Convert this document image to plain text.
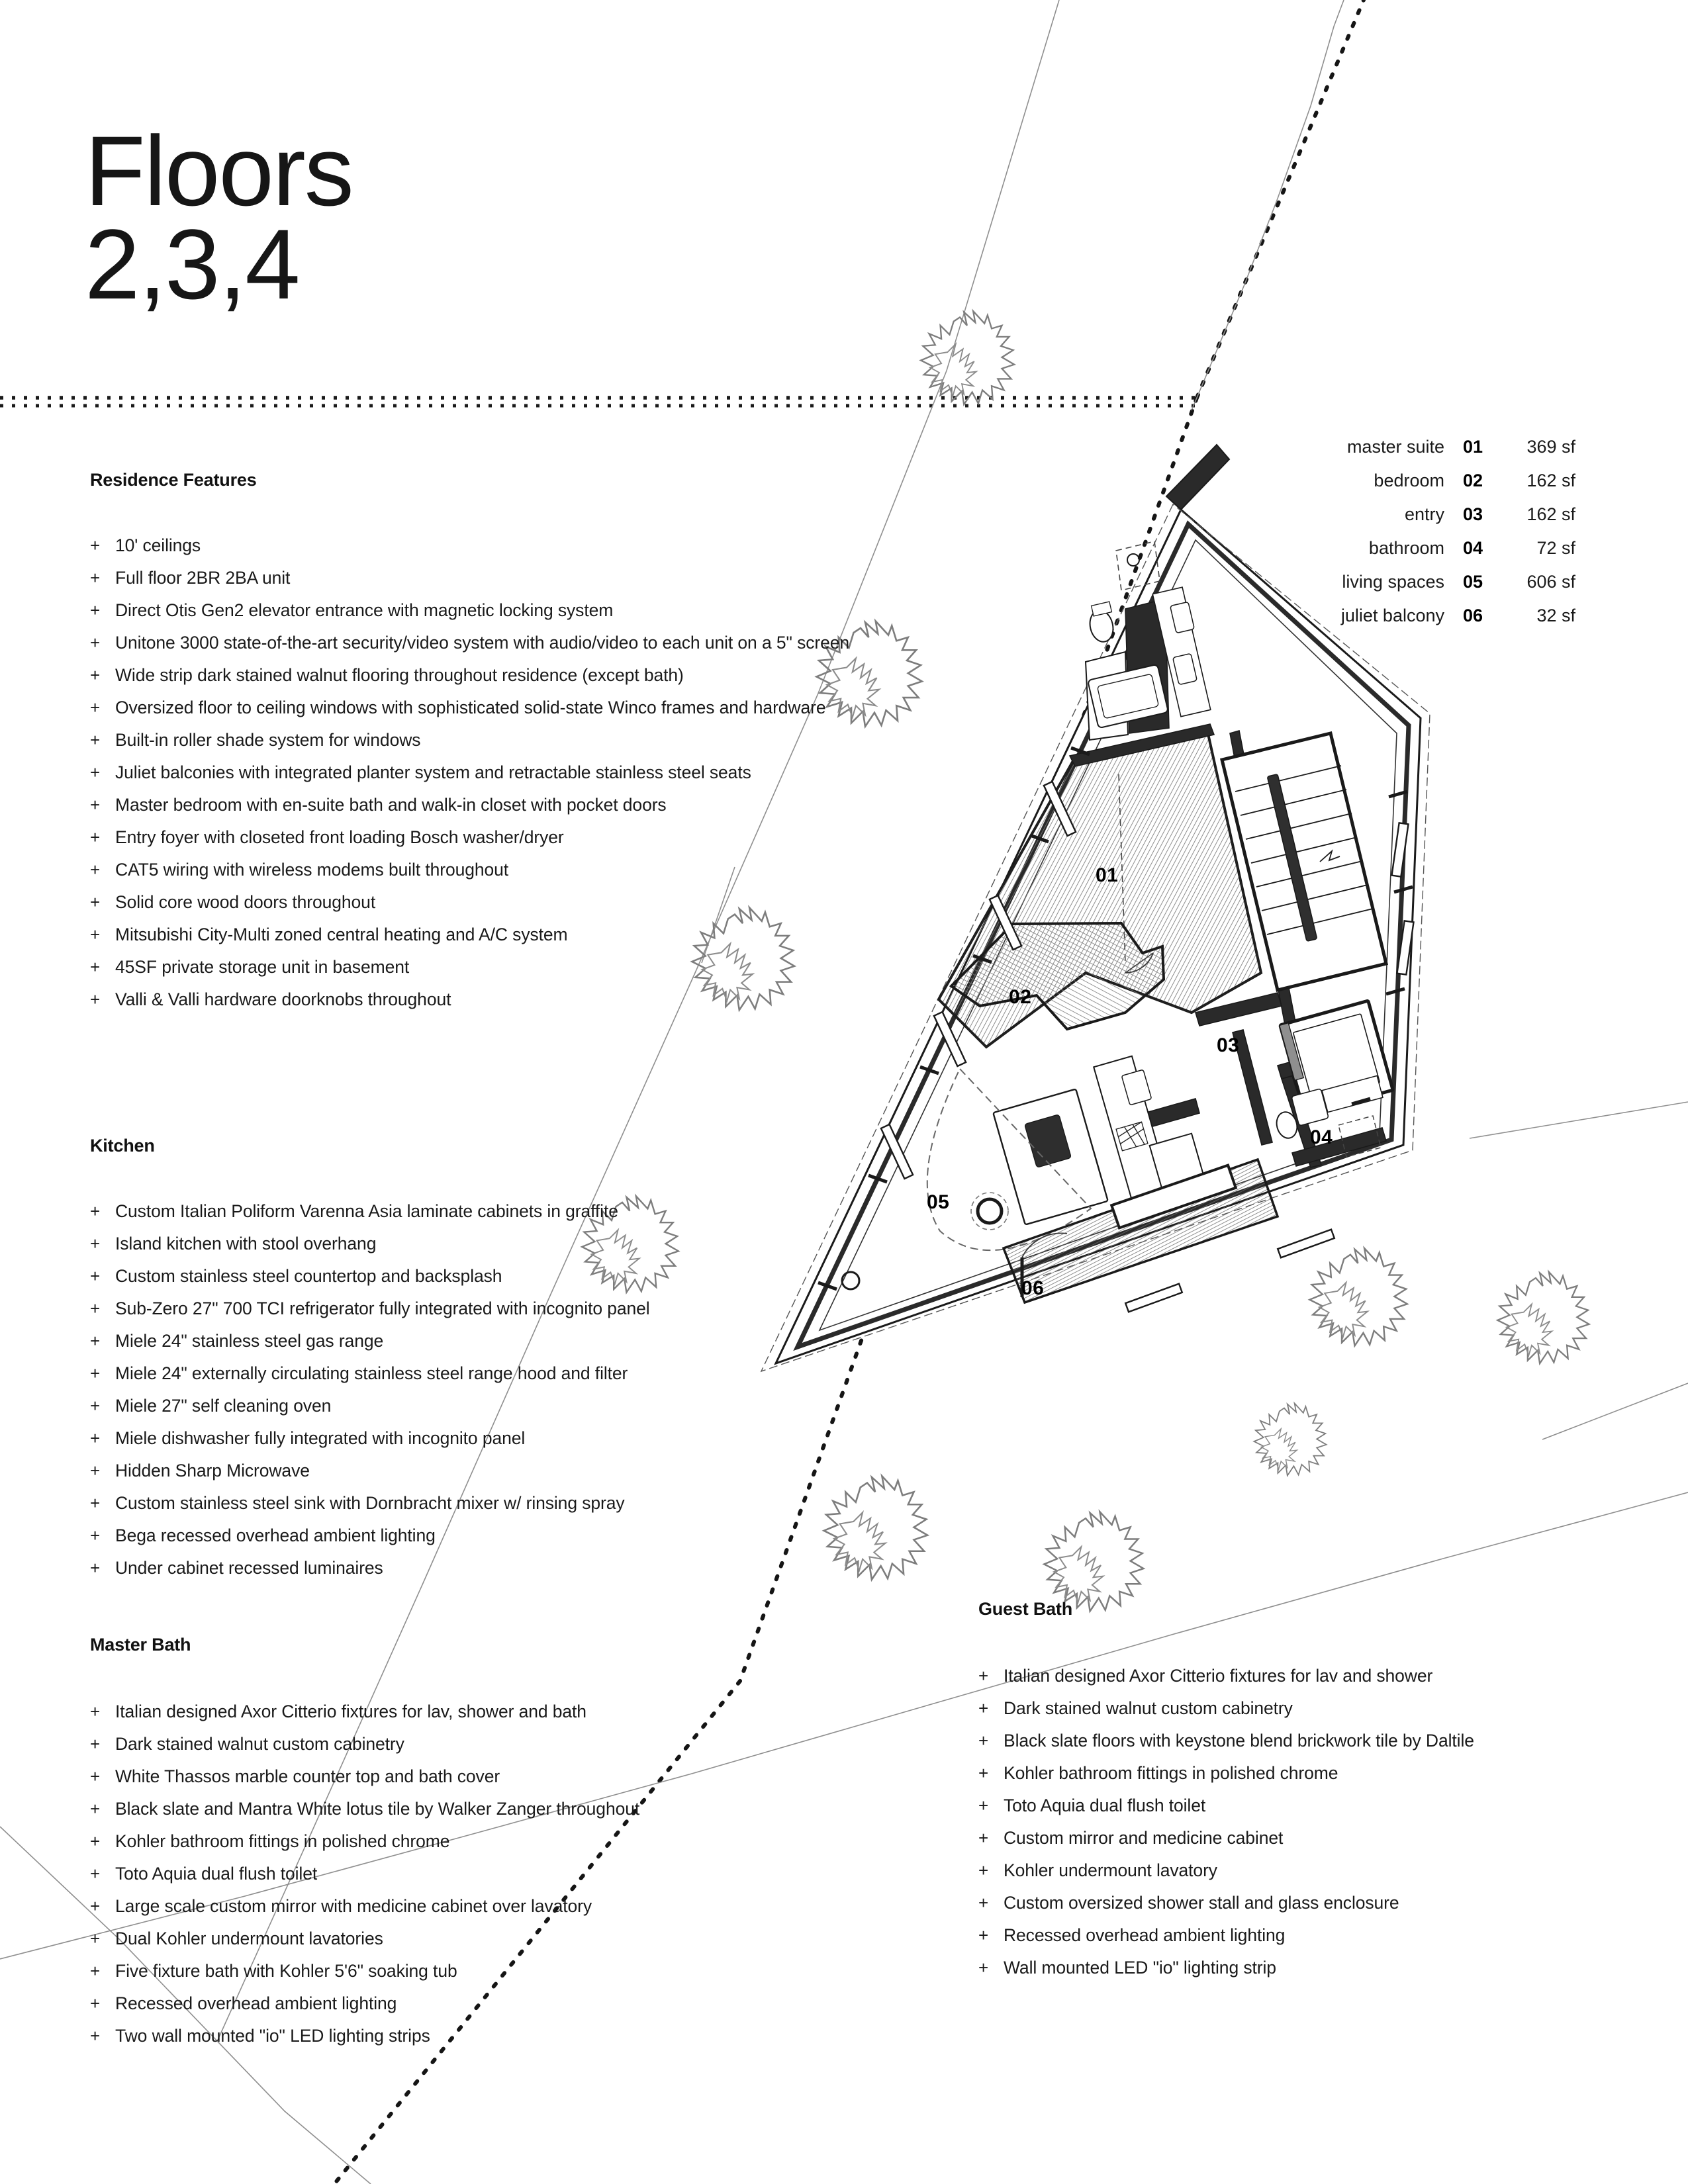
Floors
2,3,4
master suite	01	369 sf
bedroom	02	162 sf
entry	03	162 sf
bathroom	04	72 sf
living spaces	05	606 sf
juliet balcony	06	32 sf
Residence Features
+ 10' ceilings
+ Full floor 2BR 2BA unit
+ Direct Otis Gen2 elevator entrance with magnetic locking system
+ Unitone 3000 state-of-the-art security/video system with audio/video to each unit on a 5" screen
+ Wide strip dark stained walnut flooring throughout residence (except bath)
+ Oversized floor to ceiling windows with sophisticated solid-state Winco frames and hardware
+ Built-in roller shade system for windows
+ Juliet balconies with integrated planter system and retractable stainless steel seats
+ Master bedroom with en-suite bath and walk-in closet with pocket doors
+ Entry foyer with closeted front loading Bosch washer/dryer
+ CAT5 wiring with wireless modems built throughout
+ Solid core wood doors throughout
+ Mitsubishi City-Multi zoned central heating and A/C system
+ 45SF private storage unit in basement
+ Valli & Valli hardware doorknobs throughout
Kitchen
+ Custom Italian Poliform Varenna Asia laminate cabinets in graffite
+ Island kitchen with stool overhang
+ Custom stainless steel countertop and backsplash
+ Sub-Zero 27" 700 TCI refrigerator fully integrated with incognito panel
+ Miele 24" stainless steel gas range
+ Miele 24" externally circulating stainless steel range hood and filter
+ Miele 27" self cleaning oven
+ Miele dishwasher fully integrated with incognito panel
+ Hidden Sharp Microwave
+ Custom stainless steel sink with Dornbracht mixer w/ rinsing spray
+ Bega recessed overhead ambient lighting
+ Under cabinet recessed luminaires
Master Bath
+ Italian designed Axor Citterio fixtures for lav, shower and bath
+ Dark stained walnut custom cabinetry
+ White Thassos marble counter top and bath cover
+ Black slate and Mantra White lotus tile by Walker Zanger throughout
+ Kohler bathroom fittings in polished chrome
+ Toto Aquia dual flush toilet
+ Large scale custom mirror with medicine cabinet over lavatory
+ Dual Kohler undermount lavatories
+ Five fixture bath with Kohler 5'6" soaking tub
+ Recessed overhead ambient lighting
+ Two wall mounted "io" LED lighting strips
Guest Bath
+ Italian designed Axor Citterio fixtures for lav and shower
+ Dark stained walnut custom cabinetry
+ Black slate floors with keystone blend brickwork tile by Daltile
+ Kohler bathroom fittings in polished chrome
+ Toto Aquia dual flush toilet
+ Custom mirror and medicine cabinet
+ Kohler undermount lavatory
+ Custom oversized shower stall and glass enclosure
+ Recessed overhead ambient lighting
+ Wall mounted LED "io" lighting strip
01
02
03
04
05
06
